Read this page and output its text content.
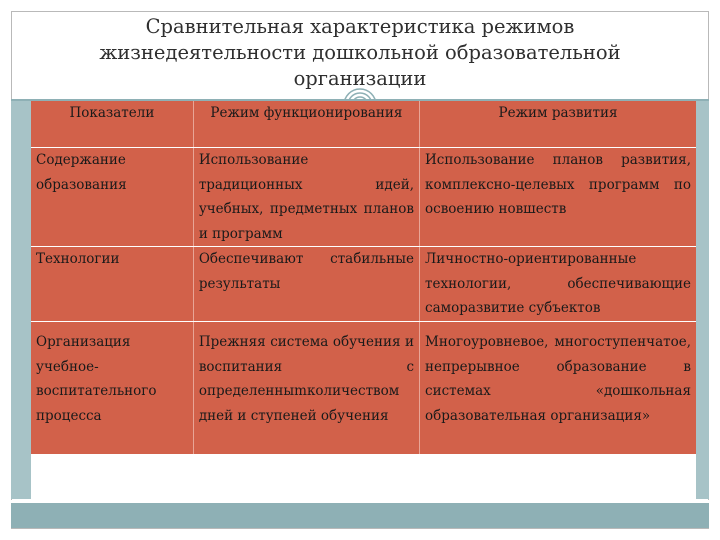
Сравнительная характеристика режимов
жизнедеятельности дошкольной образовательной
организации
Показатели	Режим функционирования	Режим развития
Содержание образования	Использование традиционных идей, учебных, предметных планов и программ	Использование планов развития, комплексно-целевых программ по освоению новшеств
Технологии	Обеспечивают стабильные результаты	Личностно-ориентированные технологии, обеспечивающие саморазвитие субъектов
Организация учебное-воспитательного процесса	Прежняя система обучения и воспитания с определенныmколичеством дней и ступеней обучения	Многоуровневое, многоступенчатое, непрерывное образование в системах «дошкольная образовательная организация»
